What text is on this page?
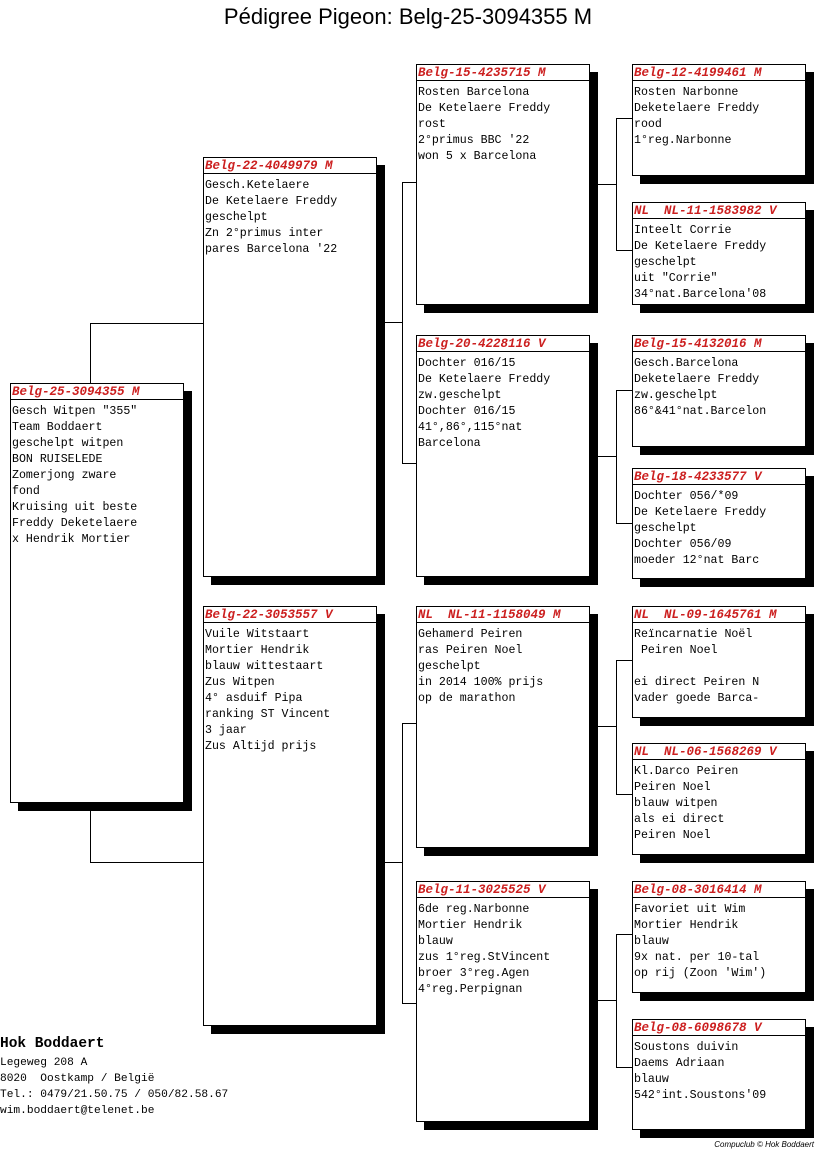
Pédigree Pigeon: Belg-25-3094355 M
Belg-25-3094355 M
Gesch Witpen "355"
Team Boddaert
geschelpt witpen
BON RUISELEDE
Zomerjong zware
fond
Kruising uit beste
Freddy Deketelaere
x Hendrik Mortier
Belg-22-4049979 M
Gesch.Ketelaere
De Ketelaere Freddy
geschelpt
Zn 2°primus inter
pares Barcelona '22
Belg-22-3053557 V
Vuile Witstaart
Mortier Hendrik
blauw wittestaart
Zus Witpen
4° asduif Pipa
ranking ST Vincent
3 jaar
Zus Altijd prijs
Belg-15-4235715 M
Rosten Barcelona
De Ketelaere Freddy
rost
2°primus BBC '22
won 5 x Barcelona
Belg-20-4228116 V
Dochter 016/15
De Ketelaere Freddy
zw.geschelpt
Dochter 016/15
41°,86°,115°nat
Barcelona
NL  NL-11-1158049 M
Gehamerd Peiren
ras Peiren Noel
geschelpt
in 2014 100% prijs
op de marathon
Belg-11-3025525 V
6de reg.Narbonne
Mortier Hendrik
blauw
zus 1°reg.StVincent
broer 3°reg.Agen
4°reg.Perpignan
Belg-12-4199461 M
Rosten Narbonne
Deketelaere Freddy
rood
1°reg.Narbonne
NL  NL-11-1583982 V
Inteelt Corrie
De Ketelaere Freddy
geschelpt
uit "Corrie"
34°nat.Barcelona'08
Belg-15-4132016 M
Gesch.Barcelona
Deketelaere Freddy
zw.geschelpt
86°&41°nat.Barcelon
Belg-18-4233577 V
Dochter 056/*09
De Ketelaere Freddy
geschelpt
Dochter 056/09
moeder 12°nat Barc
NL  NL-09-1645761 M
Reïncarnatie Noël
Peiren Noel

ei direct Peiren N
vader goede Barca-
NL  NL-06-1568269 V
Kl.Darco Peiren
Peiren Noel
blauw witpen
als ei direct
Peiren Noel
Belg-08-3016414 M
Favoriet uit Wim
Mortier Hendrik
blauw
9x nat. per 10-tal
op rij (Zoon 'Wim')
Belg-08-6098678 V
Soustons duivin
Daems Adriaan
blauw
542°int.Soustons'09
Hok Boddaert
Legeweg 208 A
8020  Oostkamp / België
Tel.: 0479/21.50.75 / 050/82.58.67
wim.boddaert@telenet.be
Compuclub © Hok Boddaert
